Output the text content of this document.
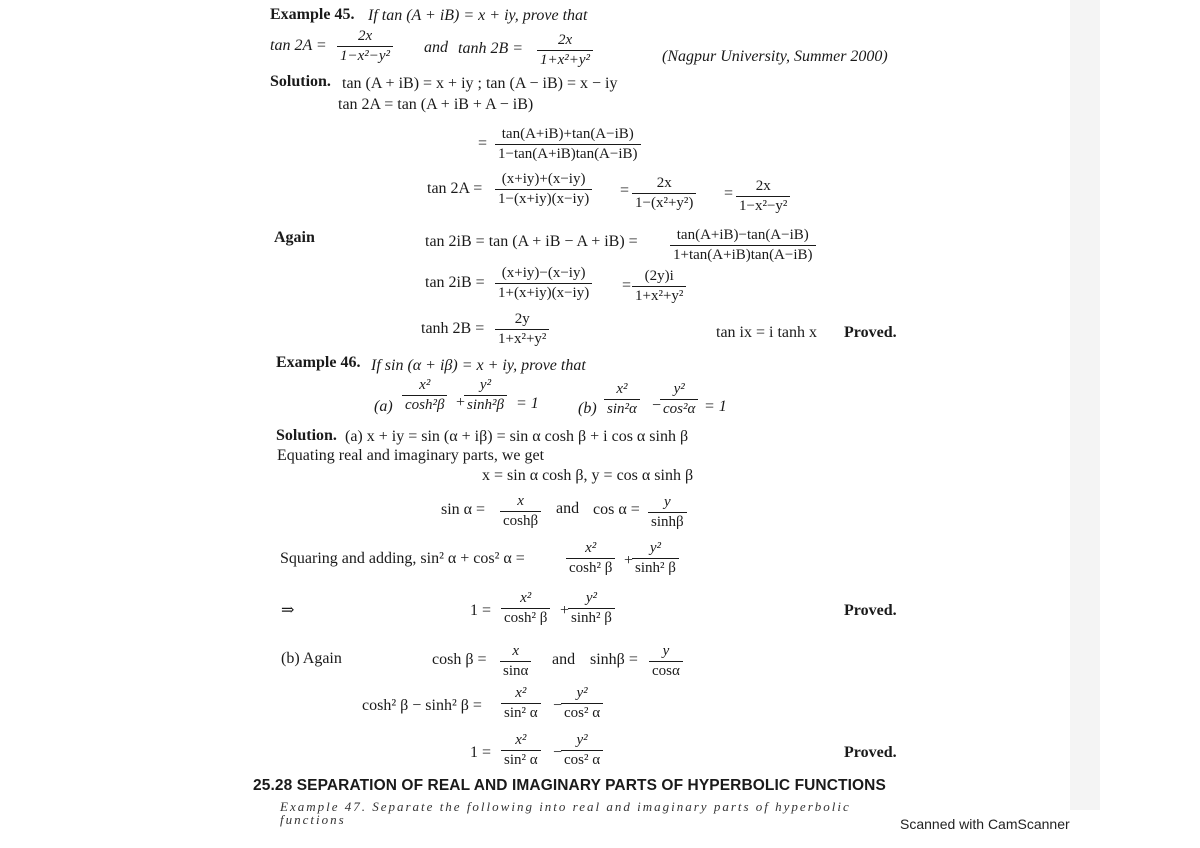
Example 45. If tan (A + iB) = x + iy, prove that
$\tan 2A = \frac{2x}{\text{1−x²−y²}}$ and $\tanh 2B = \frac{2x}{\text{1+x²+y²}}$	(Nagpur University, Summer 2000)
Solution. tan (A + iB) = x + iy ; tan (A − iB) = x − iy
tan 2A = tan (A + iB + A − iB)
= $\frac{\tan(A+iB)+\tan(A-iB)}{1-\tan(A+iB)\tan(A-iB)}$
$\tan 2A = \frac{(x+iy)+(x-iy)}{1-(x+iy)(x-iy)} = \frac{2x}{\text{1−(x²+y²)}} = \frac{2x}{\text{1−x²−y²}}$
Again	tan 2iB = tan (A + iB − $A + iB) = \frac{\tan(A+iB)-\tan(A-iB)}{1+\tan(A+iB)\tan(A-iB)}$
$\tan 2iB = \frac{(x+iy)-(x-iy)}{1+(x+iy)(x-iy)} = \frac{(2y)i}{\text{1+x²+y²}}$
$\tanh 2B = \frac{2y}{\text{1+x²+y²}}$	tan ix = i tanh x Proved.
Example 46. If sin (α + iβ) = x + iy, prove that
$(a) \frac{\text{x²}}{\text{cosh²β}}$ +
$\frac{\text{y²}}{\text{sinh²β}} = 1$ $(b) \frac{\text{x²}}{\text{sin²α}}$ −
$\frac{\text{y²}}{\text{cos²α}} = 1$
Solution. (a) x + iy = sin (α + iβ) = sin α cosh β + i cos α sinh β
Equating real and imaginary parts, we get
x = sin α cosh β, y = cos α sinh β
$\sin \alpha = \frac{x}{\cosh\beta}$ and $\cos \alpha = \frac{y}{\sinh\beta}$
Squaring and adding, sin² α + cos² α =	$\frac{\text{x²}}{\text{cosh² β}}$ +
$\frac{\text{y²}}{\text{sinh² β}}$
⇒	$1 = \frac{\text{x²}}{\text{cosh² β}}$ +
$\frac{\text{y²}}{\text{sinh² β}}$	Proved.
(b) Again	$\cosh \beta = \frac{x}{\sin\alpha}$ and $\sinh\beta = \frac{y}{\cos\alpha}$
cosh² β − sinh² $\beta = \frac{\text{x²}}{\text{sin² α}}$ −
$\frac{\text{y²}}{\text{cos² α}}$
$1 = \frac{\text{x²}}{\text{sin² α}}$ −
$\frac{\text{y²}}{\text{cos² α}}$	Proved.
25.28 SEPARATION OF REAL AND IMAGINARY PARTS OF HYPERBOLIC FUNCTIONS
Example 47. Separate the following into real and imaginary parts of hyperbolic functions	Scanned with CamScanner
